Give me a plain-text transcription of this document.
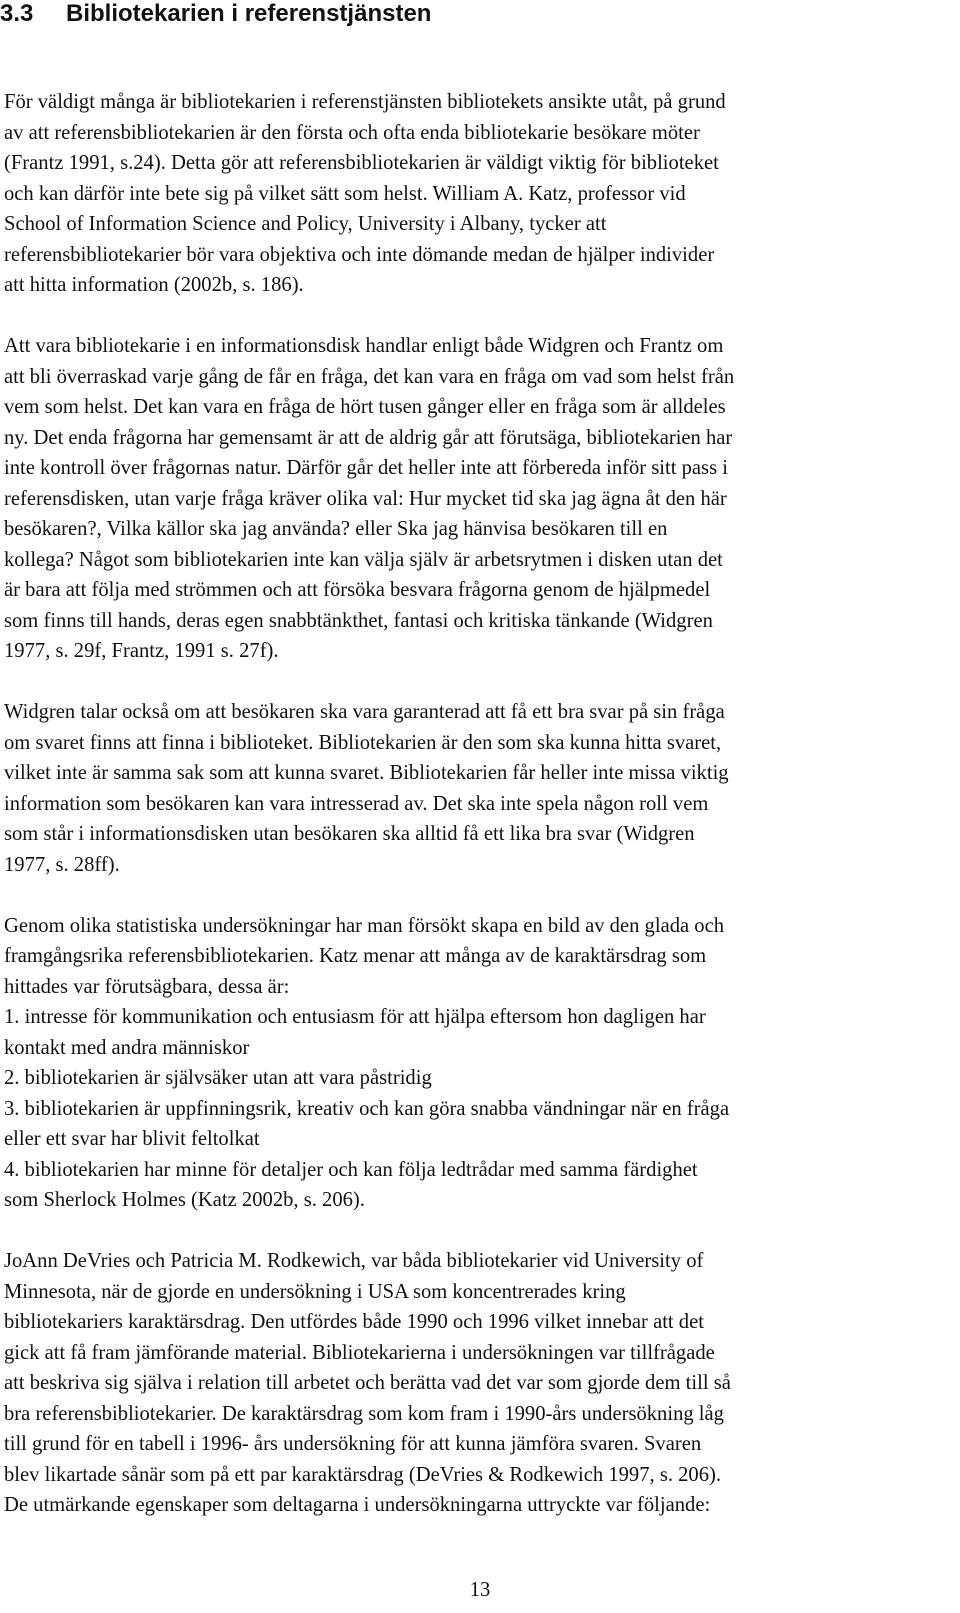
3.3 Bibliotekarien i referenstjänsten

För väldigt många är bibliotekarien i referenstjänsten bibliotekets ansikte utåt, på grund
av att referensbibliotekarien är den första och ofta enda bibliotekarie besökare möter
(Frantz 1991, s.24). Detta gör att referensbibliotekarien är väldigt viktig för biblioteket
och kan därför inte bete sig på vilket sätt som helst. William A. Katz, professor vid
School of Information Science and Policy, University i Albany, tycker att
referensbibliotekarier bör vara objektiva och inte dömande medan de hjälper individer
att hitta information (2002b, s. 186).

Att vara bibliotekarie i en informationsdisk handlar enligt både Widgren och Frantz om
att bli överraskad varje gång de får en fråga, det kan vara en fråga om vad som helst från
vem som helst. Det kan vara en fråga de hört tusen gånger eller en fråga som är alldeles
ny. Det enda frågorna har gemensamt är att de aldrig går att förutsäga, bibliotekarien har
inte kontroll över frågornas natur. Därför går det heller inte att förbereda inför sitt pass i
referensdisken, utan varje fråga kräver olika val: Hur mycket tid ska jag ägna åt den här
besökaren?, Vilka källor ska jag använda? eller Ska jag hänvisa besökaren till en
kollega? Något som bibliotekarien inte kan välja själv är arbetsrytmen i disken utan det
är bara att följa med strömmen och att försöka besvara frågorna genom de hjälpmedel
som finns till hands, deras egen snabbtänkthet, fantasi och kritiska tänkande (Widgren
1977, s. 29f, Frantz, 1991 s. 27f).

Widgren talar också om att besökaren ska vara garanterad att få ett bra svar på sin fråga
om svaret finns att finna i biblioteket. Bibliotekarien är den som ska kunna hitta svaret,
vilket inte är samma sak som att kunna svaret. Bibliotekarien får heller inte missa viktig
information som besökaren kan vara intresserad av. Det ska inte spela någon roll vem
som står i informationsdisken utan besökaren ska alltid få ett lika bra svar (Widgren
1977, s. 28ff).

Genom olika statistiska undersökningar har man försökt skapa en bild av den glada och
framgångsrika referensbibliotekarien. Katz menar att många av de karaktärsdrag som
hittades var förutsägbara, dessa är:
1. intresse för kommunikation och entusiasm för att hjälpa eftersom hon dagligen har
kontakt med andra människor
2. bibliotekarien är självsäker utan att vara påstridig
3. bibliotekarien är uppfinningsrik, kreativ och kan göra snabba vändningar när en fråga
eller ett svar har blivit feltolkat
4. bibliotekarien har minne för detaljer och kan följa ledtrådar med samma färdighet
som Sherlock Holmes (Katz 2002b, s. 206).

JoAnn DeVries och Patricia M. Rodkewich, var båda bibliotekarier vid University of
Minnesota, när de gjorde en undersökning i USA som koncentrerades kring
bibliotekariers karaktärsdrag. Den utfördes både 1990 och 1996 vilket innebar att det
gick att få fram jämförande material. Bibliotekarierna i undersökningen var tillfrågade
att beskriva sig själva i relation till arbetet och berätta vad det var som gjorde dem till så
bra referensbibliotekarier. De karaktärsdrag som kom fram i 1990-års undersökning låg
till grund för en tabell i 1996- års undersökning för att kunna jämföra svaren. Svaren
blev likartade sånär som på ett par karaktärsdrag (DeVries & Rodkewich 1997, s. 206).
De utmärkande egenskaper som deltagarna i undersökningarna uttryckte var följande:

13
